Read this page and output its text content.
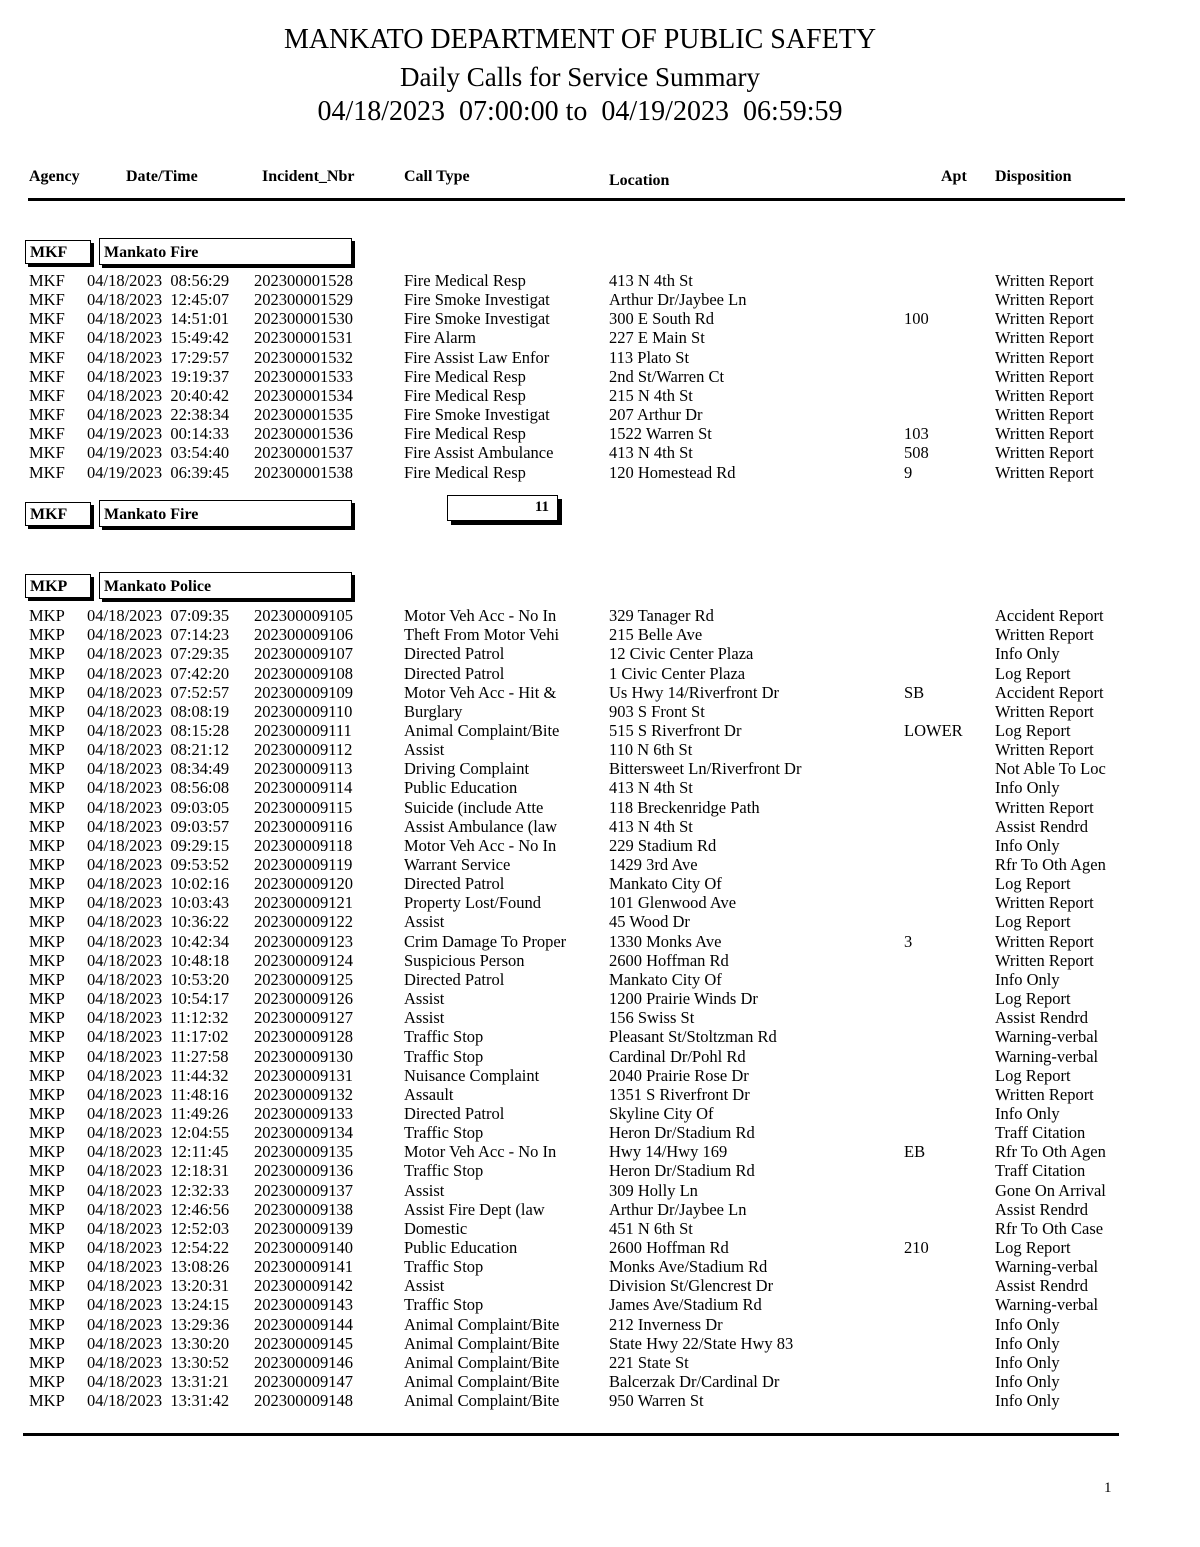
MANKATO DEPARTMENT OF PUBLIC SAFETY
Daily Calls for Service Summary
04/18/2023  07:00:00 to  04/19/2023  06:59:59
Agency	Date/Time	Incident_Nbr	Call Type	Location	Apt Disposition
MKF	Mankato Fire
MKF	Mankato Fire	11
MKP	Mankato Police
MKF 04/18/2023  08:56:29 202300001528	Fire Medical Resp	413 N 4th St	Written Report
MKF 04/18/2023  12:45:07 202300001529	Fire Smoke Investigat	Arthur Dr/Jaybee Ln	Written Report
MKF 04/18/2023  14:51:01 202300001530	Fire Smoke Investigat	300 E South Rd	100	Written Report
MKF 04/18/2023  15:49:42 202300001531	Fire Alarm	227 E Main St	Written Report
MKF 04/18/2023  17:29:57 202300001532	Fire Assist Law Enfor	113 Plato St	Written Report
MKF 04/18/2023  19:19:37 202300001533	Fire Medical Resp	2nd St/Warren Ct	Written Report
MKF 04/18/2023  20:40:42 202300001534	Fire Medical Resp	215 N 4th St	Written Report
MKF 04/18/2023  22:38:34 202300001535	Fire Smoke Investigat	207 Arthur Dr	Written Report
MKF 04/19/2023  00:14:33 202300001536	Fire Medical Resp	1522 Warren St	103	Written Report
MKF 04/19/2023  03:54:40 202300001537	Fire Assist Ambulance	413 N 4th St	508	Written Report
MKF 04/19/2023  06:39:45 202300001538	Fire Medical Resp	120 Homestead Rd	9	Written Report
MKP 04/18/2023  07:09:35 202300009105	Motor Veh Acc - No In	329 Tanager Rd	Accident Report
MKP 04/18/2023  07:14:23 202300009106	Theft From Motor Vehi	215 Belle Ave	Written Report
MKP 04/18/2023  07:29:35 202300009107	Directed Patrol	12 Civic Center Plaza	Info Only
MKP 04/18/2023  07:42:20 202300009108	Directed Patrol	1 Civic Center Plaza	Log Report
MKP 04/18/2023  07:52:57 202300009109	Motor Veh Acc - Hit &	Us Hwy 14/Riverfront Dr	SB	Accident Report
MKP 04/18/2023  08:08:19 202300009110	Burglary	903 S Front St	Written Report
MKP 04/18/2023  08:15:28 202300009111	Animal Complaint/Bite	515 S Riverfront Dr	LOWER Log Report
MKP 04/18/2023  08:21:12 202300009112	Assist	110 N 6th St	Written Report
MKP 04/18/2023  08:34:49 202300009113	Driving Complaint	Bittersweet Ln/Riverfront Dr	Not Able To Loc
MKP 04/18/2023  08:56:08 202300009114	Public Education	413 N 4th St	Info Only
MKP 04/18/2023  09:03:05 202300009115	Suicide (include Atte	118 Breckenridge Path	Written Report
MKP 04/18/2023  09:03:57 202300009116	Assist Ambulance (law	413 N 4th St	Assist Rendrd
MKP 04/18/2023  09:29:15 202300009118	Motor Veh Acc - No In	229 Stadium Rd	Info Only
MKP 04/18/2023  09:53:52 202300009119	Warrant Service	1429 3rd Ave	Rfr To Oth Agen
MKP 04/18/2023  10:02:16 202300009120	Directed Patrol	Mankato City Of	Log Report
MKP 04/18/2023  10:03:43 202300009121	Property Lost/Found	101 Glenwood Ave	Written Report
MKP 04/18/2023  10:36:22 202300009122	Assist	45 Wood Dr	Log Report
MKP 04/18/2023  10:42:34 202300009123	Crim Damage To Proper	1330 Monks Ave	3	Written Report
MKP 04/18/2023  10:48:18 202300009124	Suspicious Person	2600 Hoffman Rd	Written Report
MKP 04/18/2023  10:53:20 202300009125	Directed Patrol	Mankato City Of	Info Only
MKP 04/18/2023  10:54:17 202300009126	Assist	1200 Prairie Winds Dr	Log Report
MKP 04/18/2023  11:12:32 202300009127	Assist	156 Swiss St	Assist Rendrd
MKP 04/18/2023  11:17:02 202300009128	Traffic Stop	Pleasant St/Stoltzman Rd	Warning-verbal
MKP 04/18/2023  11:27:58 202300009130	Traffic Stop	Cardinal Dr/Pohl Rd	Warning-verbal
MKP 04/18/2023  11:44:32 202300009131	Nuisance Complaint	2040 Prairie Rose Dr	Log Report
MKP 04/18/2023  11:48:16 202300009132	Assault	1351 S Riverfront Dr	Written Report
MKP 04/18/2023  11:49:26 202300009133	Directed Patrol	Skyline City Of	Info Only
MKP 04/18/2023  12:04:55 202300009134	Traffic Stop	Heron Dr/Stadium Rd	Traff Citation
MKP 04/18/2023  12:11:45 202300009135	Motor Veh Acc - No In	Hwy 14/Hwy 169	EB	Rfr To Oth Agen
MKP 04/18/2023  12:18:31 202300009136	Traffic Stop	Heron Dr/Stadium Rd	Traff Citation
MKP 04/18/2023  12:32:33 202300009137	Assist	309 Holly Ln	Gone On Arrival
MKP 04/18/2023  12:46:56 202300009138	Assist Fire Dept (law	Arthur Dr/Jaybee Ln	Assist Rendrd
MKP 04/18/2023  12:52:03 202300009139	Domestic	451 N 6th St	Rfr To Oth Case
MKP 04/18/2023  12:54:22 202300009140	Public Education	2600 Hoffman Rd	210	Log Report
MKP 04/18/2023  13:08:26 202300009141	Traffic Stop	Monks Ave/Stadium Rd	Warning-verbal
MKP 04/18/2023  13:20:31 202300009142	Assist	Division St/Glencrest Dr	Assist Rendrd
MKP 04/18/2023  13:24:15 202300009143	Traffic Stop	James Ave/Stadium Rd	Warning-verbal
MKP 04/18/2023  13:29:36 202300009144	Animal Complaint/Bite	212 Inverness Dr	Info Only
MKP 04/18/2023  13:30:20 202300009145	Animal Complaint/Bite	State Hwy 22/State Hwy 83	Info Only
MKP 04/18/2023  13:30:52 202300009146	Animal Complaint/Bite	221 State St	Info Only
MKP 04/18/2023  13:31:21 202300009147	Animal Complaint/Bite	Balcerzak Dr/Cardinal Dr	Info Only
MKP 04/18/2023  13:31:42 202300009148	Animal Complaint/Bite	950 Warren St	Info Only
1
